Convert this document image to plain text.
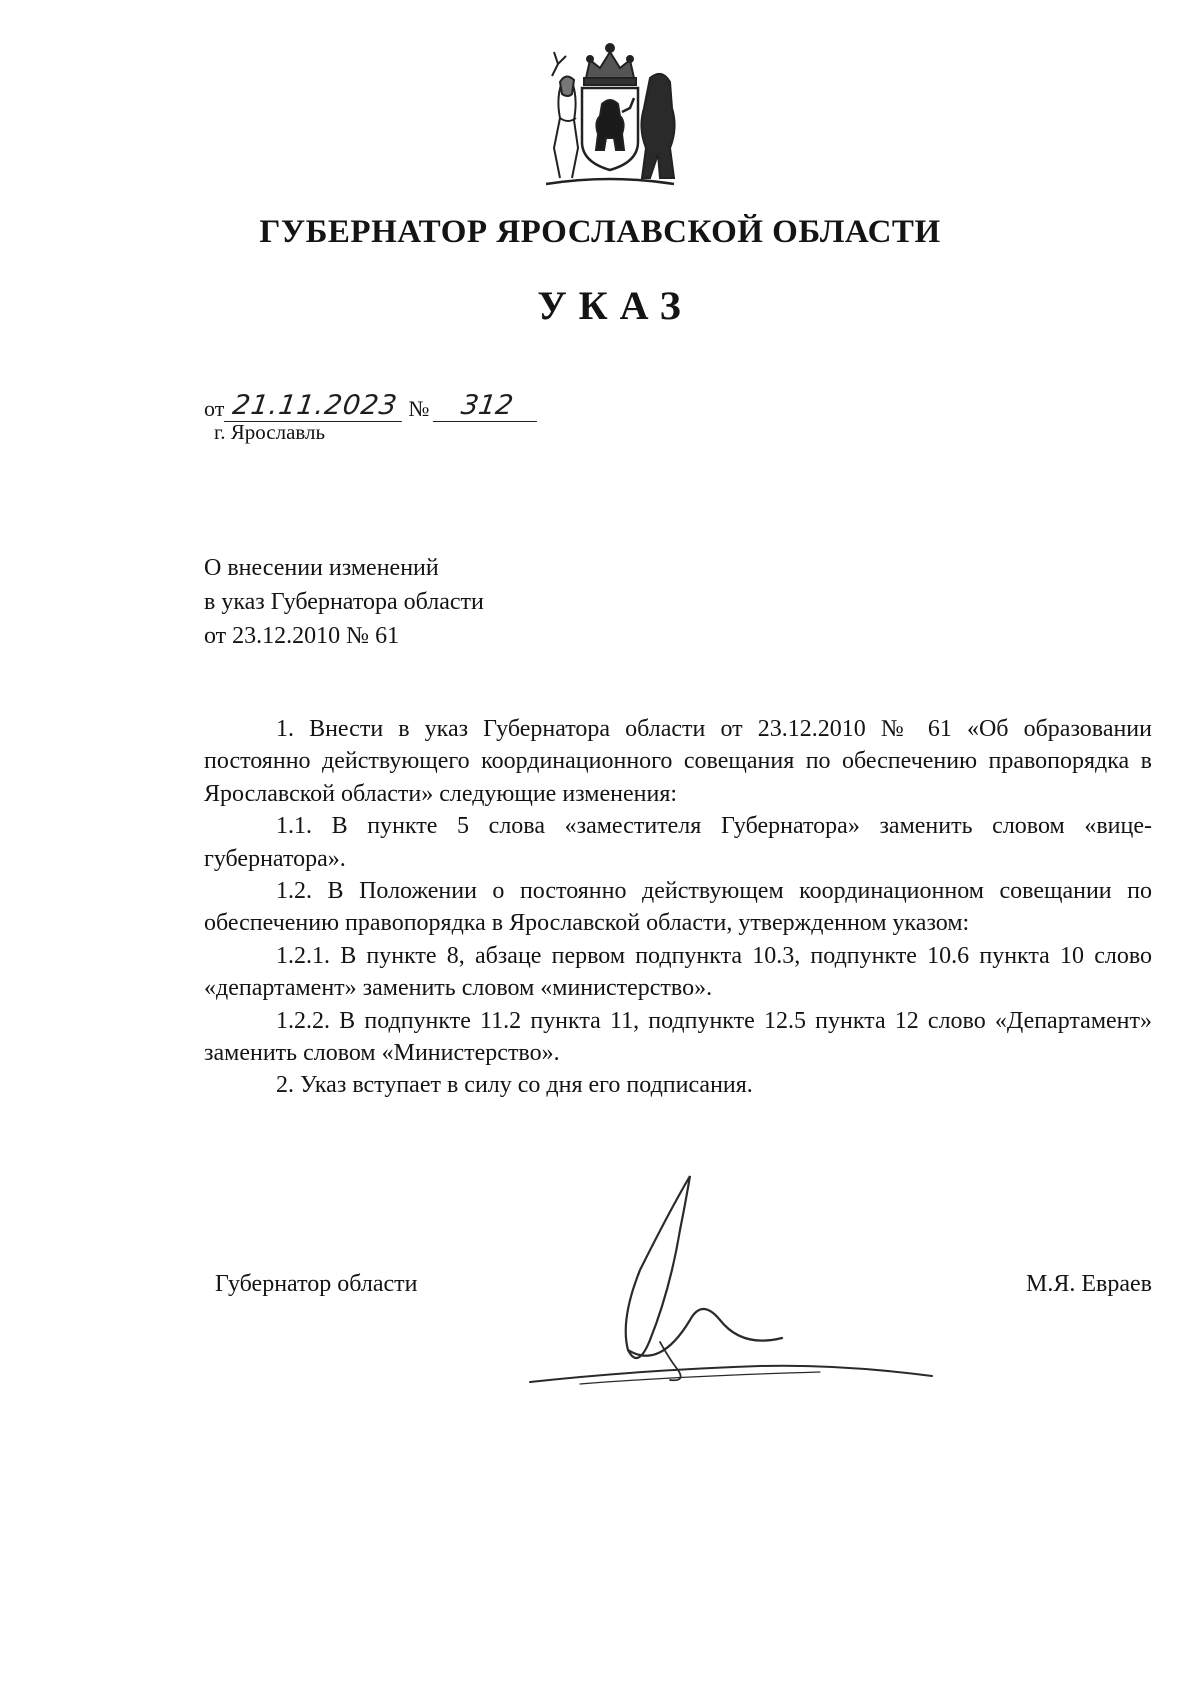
ГУБЕРНАТОР ЯРОСЛАВСКОЙ ОБЛАСТИ
УКАЗ
от 21.11.2023 №	312
г. Ярославль
О внесении изменений
в указ Губернатора области
от 23.12.2010 № 61

1. Внести в указ Губернатора области от 23.12.2010 № 61 «Об образовании постоянно действующего координационного совещания по обеспечению правопорядка в Ярославской области» следующие изменения:

1.1. В пункте 5 слова «заместителя Губернатора» заменить словом «вице-губернатора».

1.2. В Положении о постоянно действующем координационном совещании по обеспечению правопорядка в Ярославской области, утвержденном указом:

1.2.1. В пункте 8, абзаце первом подпункта 10.3, подпункте 10.6 пункта 10 слово «департамент» заменить словом «министерство».

1.2.2. В подпункте 11.2 пункта 11, подпункте 12.5 пункта 12 слово «Департамент» заменить словом «Министерство».

2. Указ вступает в силу со дня его подписания.

Губернатор области	М.Я. Евраев
